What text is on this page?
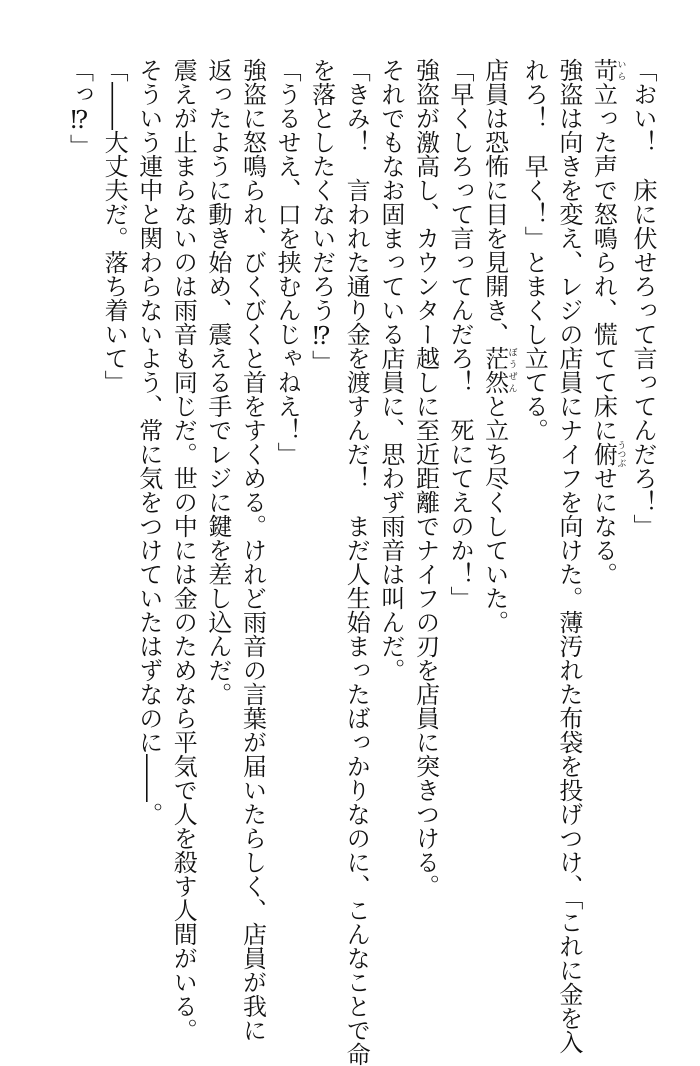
「おい！　床に伏せろって言ってんだろ！」
苛いら立った声で怒鳴られ、慌てて床に俯うつぶせになる。
強盗は向きを変え、レジの店員にナイフを向けた。薄汚れた布袋を投げつけ、「これに金を入
れろ！　早く！」とまくし立てる。
店員は恐怖に目を見開き、茫然ぼうぜんと立ち尽くしていた。
「早くしろって言ってんだろ！　死にてえのか！」
強盗が激高し、カウンター越しに至近距離でナイフの刃を店員に突きつける。
それでもなお固まっている店員に、思わず雨音は叫んだ。
「きみ！　言われた通り金を渡すんだ！　まだ人生始まったばっかりなのに、こんなことで命
を落としたくないだろう⁉」
「うるせえ、口を挟むんじゃねえ！」
強盗に怒鳴られ、びくびくと首をすくめる。けれど雨音の言葉が届いたらしく、店員が我に
返ったように動き始め、震える手でレジに鍵を差し込んだ。
震えが止まらないのは雨音も同じだ。世の中には金のためなら平気で人を殺す人間がいる。
そういう連中と関わらないよう、常に気をつけていたはずなのに――。
「――大丈夫だ。落ち着いて」
「っ⁉」
